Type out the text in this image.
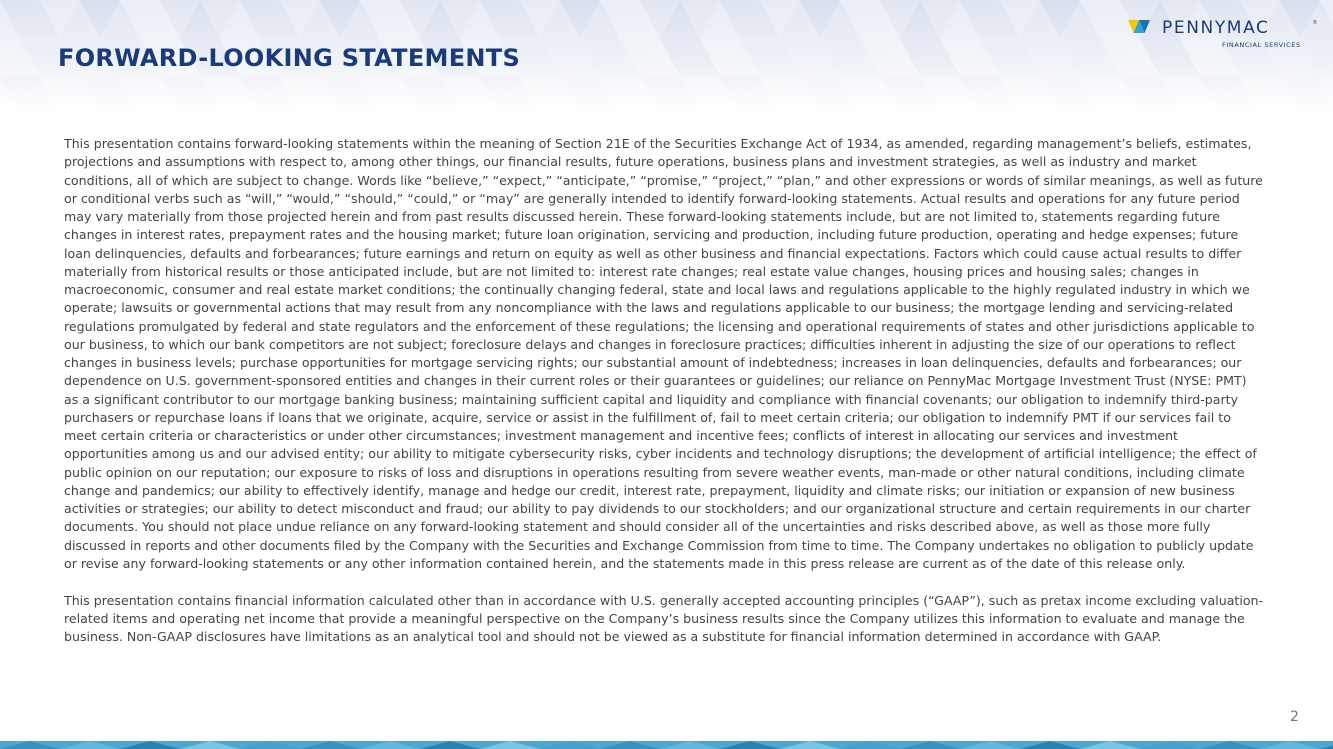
FORWARD-LOOKING STATEMENTS
PENNYMAC	®
FINANCIAL SERVICES

This presentation contains forward-looking statements within the meaning of Section 21E of the Securities Exchange Act of 1934, as amended, regarding management’s beliefs, estimates, projections and assumptions with respect to, among other things, our financial results, future operations, business plans and investment strategies, as well as industry and market conditions, all of which are subject to change. Words like “believe,” “expect,” “anticipate,” “promise,” “project,” “plan,” and other expressions or words of similar meanings, as well as future or conditional verbs such as “will,” “would,” “should,” “could,” or “may” are generally intended to identify forward-looking statements. Actual results and operations for any future period may vary materially from those projected herein and from past results discussed herein. These forward-looking statements include, but are not limited to, statements regarding future changes in interest rates, prepayment rates and the housing market; future loan origination, servicing and production, including future production, operating and hedge expenses; future loan delinquencies, defaults and forbearances; future earnings and return on equity as well as other business and financial expectations. Factors which could cause actual results to differ materially from historical results or those anticipated include, but are not limited to: interest rate changes; real estate value changes, housing prices and housing sales; changes in macroeconomic, consumer and real estate market conditions; the continually changing federal, state and local laws and regulations applicable to the highly regulated industry in which we operate; lawsuits or governmental actions that may result from any noncompliance with the laws and regulations applicable to our business; the mortgage lending and servicing-related regulations promulgated by federal and state regulators and the enforcement of these regulations; the licensing and operational requirements of states and other jurisdictions applicable to our business, to which our bank competitors are not subject; foreclosure delays and changes in foreclosure practices; difficulties inherent in adjusting the size of our operations to reflect changes in business levels; purchase opportunities for mortgage servicing rights; our substantial amount of indebtedness; increases in loan delinquencies, defaults and forbearances; our dependence on U.S. government-sponsored entities and changes in their current roles or their guarantees or guidelines; our reliance on PennyMac Mortgage Investment Trust (NYSE: PMT) as a significant contributor to our mortgage banking business; maintaining sufficient capital and liquidity and compliance with financial covenants; our obligation to indemnify third-party purchasers or repurchase loans if loans that we originate, acquire, service or assist in the fulfillment of, fail to meet certain criteria; our obligation to indemnify PMT if our services fail to meet certain criteria or characteristics or under other circumstances; investment management and incentive fees; conflicts of interest in allocating our services and investment opportunities among us and our advised entity; our ability to mitigate cybersecurity risks, cyber incidents and technology disruptions; the development of artificial intelligence; the effect of public opinion on our reputation; our exposure to risks of loss and disruptions in operations resulting from severe weather events, man-made or other natural conditions, including climate change and pandemics; our ability to effectively identify, manage and hedge our credit, interest rate, prepayment, liquidity and climate risks; our initiation or expansion of new business activities or strategies; our ability to detect misconduct and fraud; our ability to pay dividends to our stockholders; and our organizational structure and certain requirements in our charter documents. You should not place undue reliance on any forward-looking statement and should consider all of the uncertainties and risks described above, as well as those more fully discussed in reports and other documents filed by the Company with the Securities and Exchange Commission from time to time. The Company undertakes no obligation to publicly update or revise any forward-looking statements or any other information contained herein, and the statements made in this press release are current as of the date of this release only.

This presentation contains financial information calculated other than in accordance with U.S. generally accepted accounting principles (“GAAP”), such as pretax income excluding valuation-related items and operating net income that provide a meaningful perspective on the Company’s business results since the Company utilizes this information to evaluate and manage the business. Non-GAAP disclosures have limitations as an analytical tool and should not be viewed as a substitute for financial information determined in accordance with GAAP.

2
